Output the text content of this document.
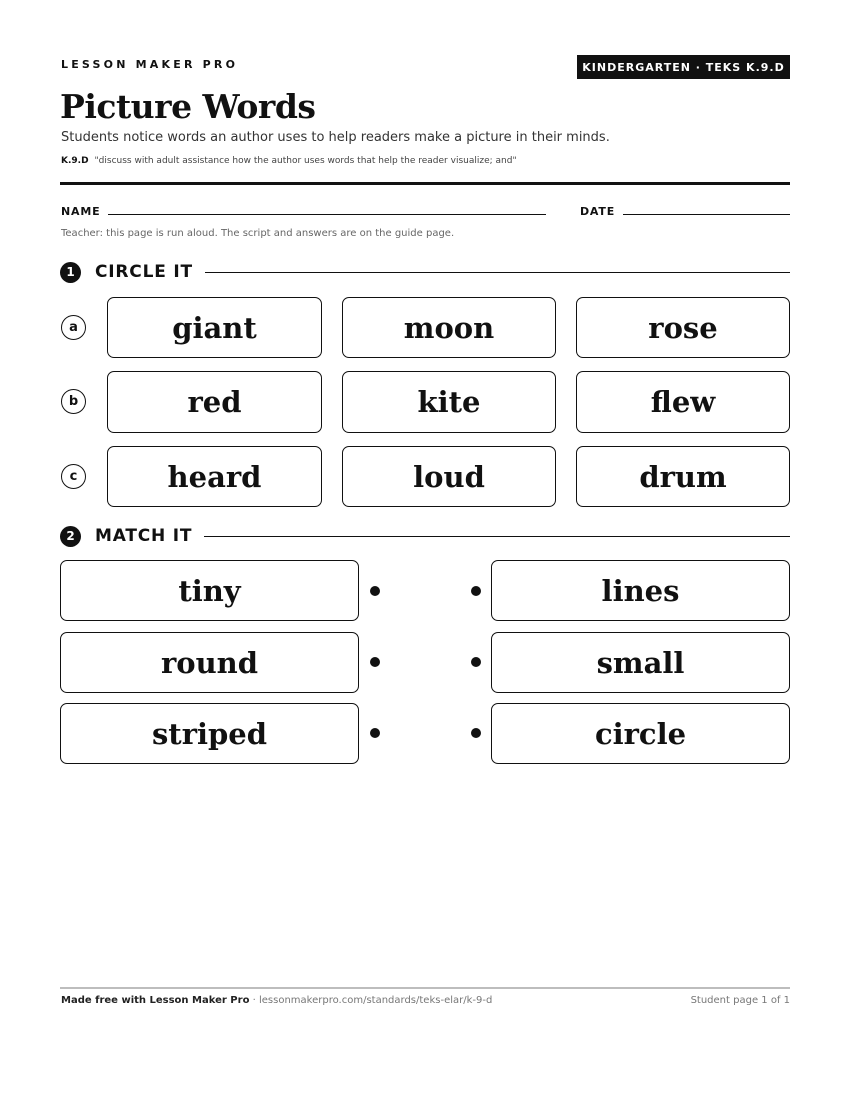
LESSON MAKER PRO	KINDERGARTEN · TEKS K.9.D
Picture Words
Students notice words an author uses to help readers make a picture in their minds.
K.9.D "discuss with adult assistance how the author uses words that help the reader visualize; and"
NAME	DATE
Teacher: this page is run aloud. The script and answers are on the guide page.
1	CIRCLE IT
a	giant	moon	rose
b	red	kite	flew
c	heard	loud	drum
2	MATCH IT
tiny	lines
round	small
striped	circle
Made free with Lesson Maker Pro · lessonmakerpro.com/standards/teks-elar/k-9-d	Student page 1 of 1
